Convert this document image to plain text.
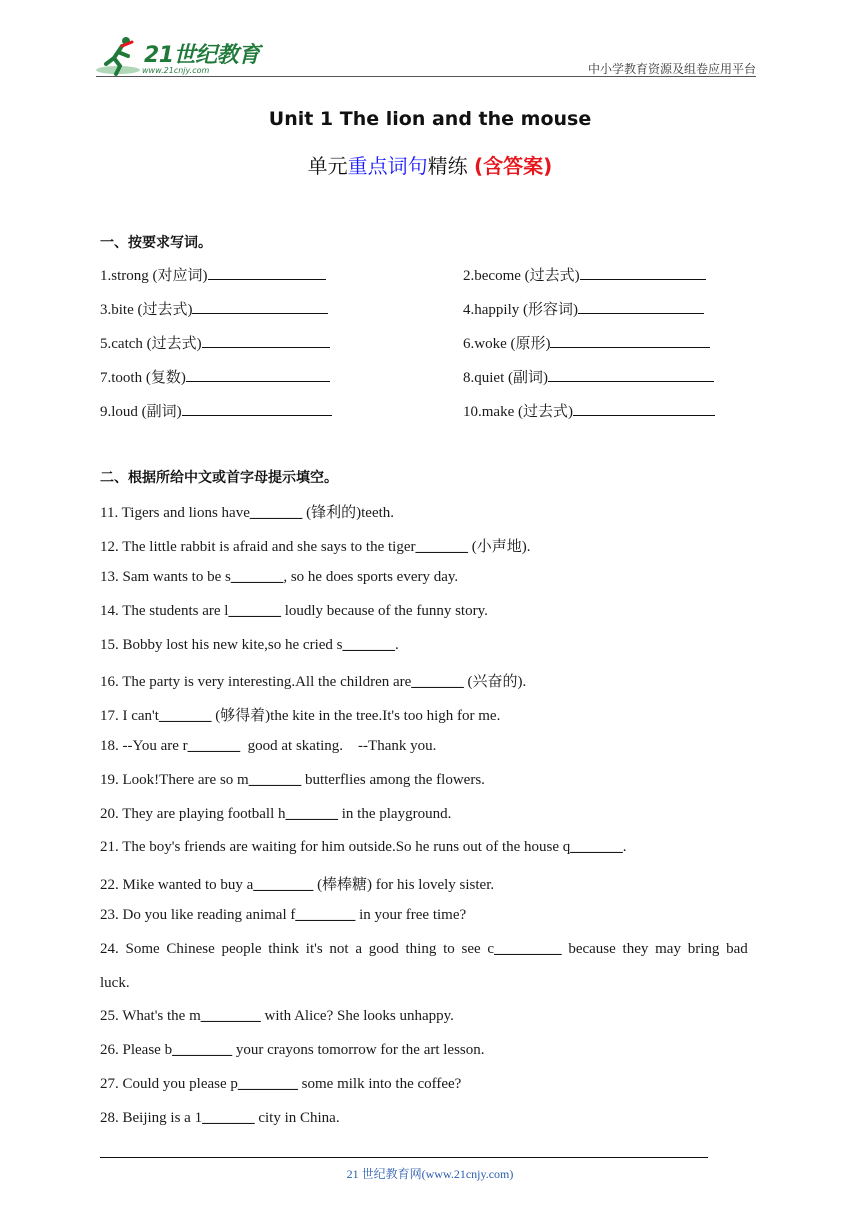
21世纪教育
www.21cnjy.com	中小学教育资源及组卷应用平台
Unit 1 The lion and the mouse
单元重点词句精练 (含答案)
一、按要求写词。
1.strong (对应词)	2.become (过去式)
3.bite (过去式)	4.happily (形容词)
5.catch (过去式)	6.woke (原形)
7.tooth (复数)	8.quiet (副词)
9.loud (副词)	10.make (过去式)
二、根据所给中文或首字母提示填空。
11. Tigers and lions have_______ (锋利的)teeth.
12. The little rabbit is afraid and she says to the tiger_______ (小声地).
13. Sam wants to be s_______, so he does sports every day.
14. The students are l_______ loudly because of the funny story.
15. Bobby lost his new kite,so he cried s_______.
16. The party is very interesting.All the children are_______ (兴奋的).
17. I can't_______ (够得着)the kite in the tree.It's too high for me.
18. --You are r_______  good at skating.    --Thank you.
19. Look!There are so m_______ butterflies among the flowers.
20. They are playing football h_______ in the playground.
21. The boy's friends are waiting for him outside.So he runs out of the house q_______.
22. Mike wanted to buy a________ (棒棒糖) for his lovely sister.
23. Do you like reading animal f________ in your free time?
24. Some Chinese people think it's not a good thing to see c_________ because they may bring bad
luck.
25. What's the m________ with Alice? She looks unhappy.
26. Please b________ your crayons tomorrow for the art lesson.
27. Could you please p________ some milk into the coffee?
28. Beijing is a 1_______ city in China.
21 世纪教育网(www.21cnjy.com)
